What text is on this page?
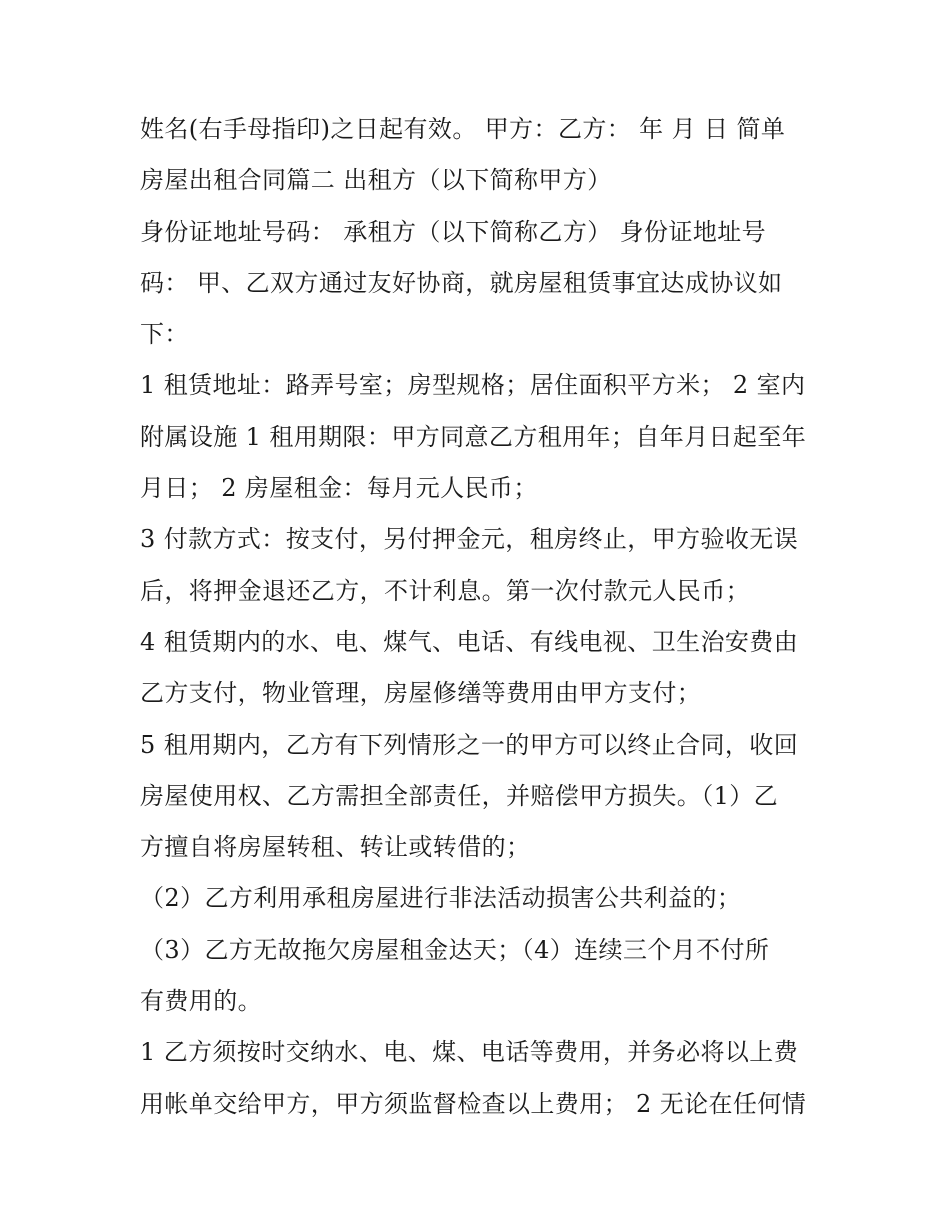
姓名(右手母指印)之日起有效。 甲方：乙方： 年 月 日 简单
房屋出租合同篇二 出租方（以下简称甲方）
身份证地址号码： 承租方（以下简称乙方） 身份证地址号
码： 甲、乙双方通过友好协商，就房屋租赁事宜达成协议如
下：
1 租赁地址：路弄号室；房型规格；居住面积平方米； 2 室内
附属设施 1 租用期限：甲方同意乙方租用年；自年月日起至年
月日； 2 房屋租金：每月元人民币；
3 付款方式：按支付，另付押金元，租房终止，甲方验收无误
后，将押金退还乙方，不计利息。第一次付款元人民币；
4 租赁期内的水、电、煤气、电话、有线电视、卫生治安费由
乙方支付，物业管理，房屋修缮等费用由甲方支付；
5 租用期内，乙方有下列情形之一的甲方可以终止合同，收回
房屋使用权、乙方需担全部责任，并赔偿甲方损失。（1）乙
方擅自将房屋转租、转让或转借的；
（2）乙方利用承租房屋进行非法活动损害公共利益的；
（3）乙方无故拖欠房屋租金达天；（4）连续三个月不付所
有费用的。
1 乙方须按时交纳水、电、煤、电话等费用，并务必将以上费
用帐单交给甲方，甲方须监督检查以上费用； 2 无论在任何情
